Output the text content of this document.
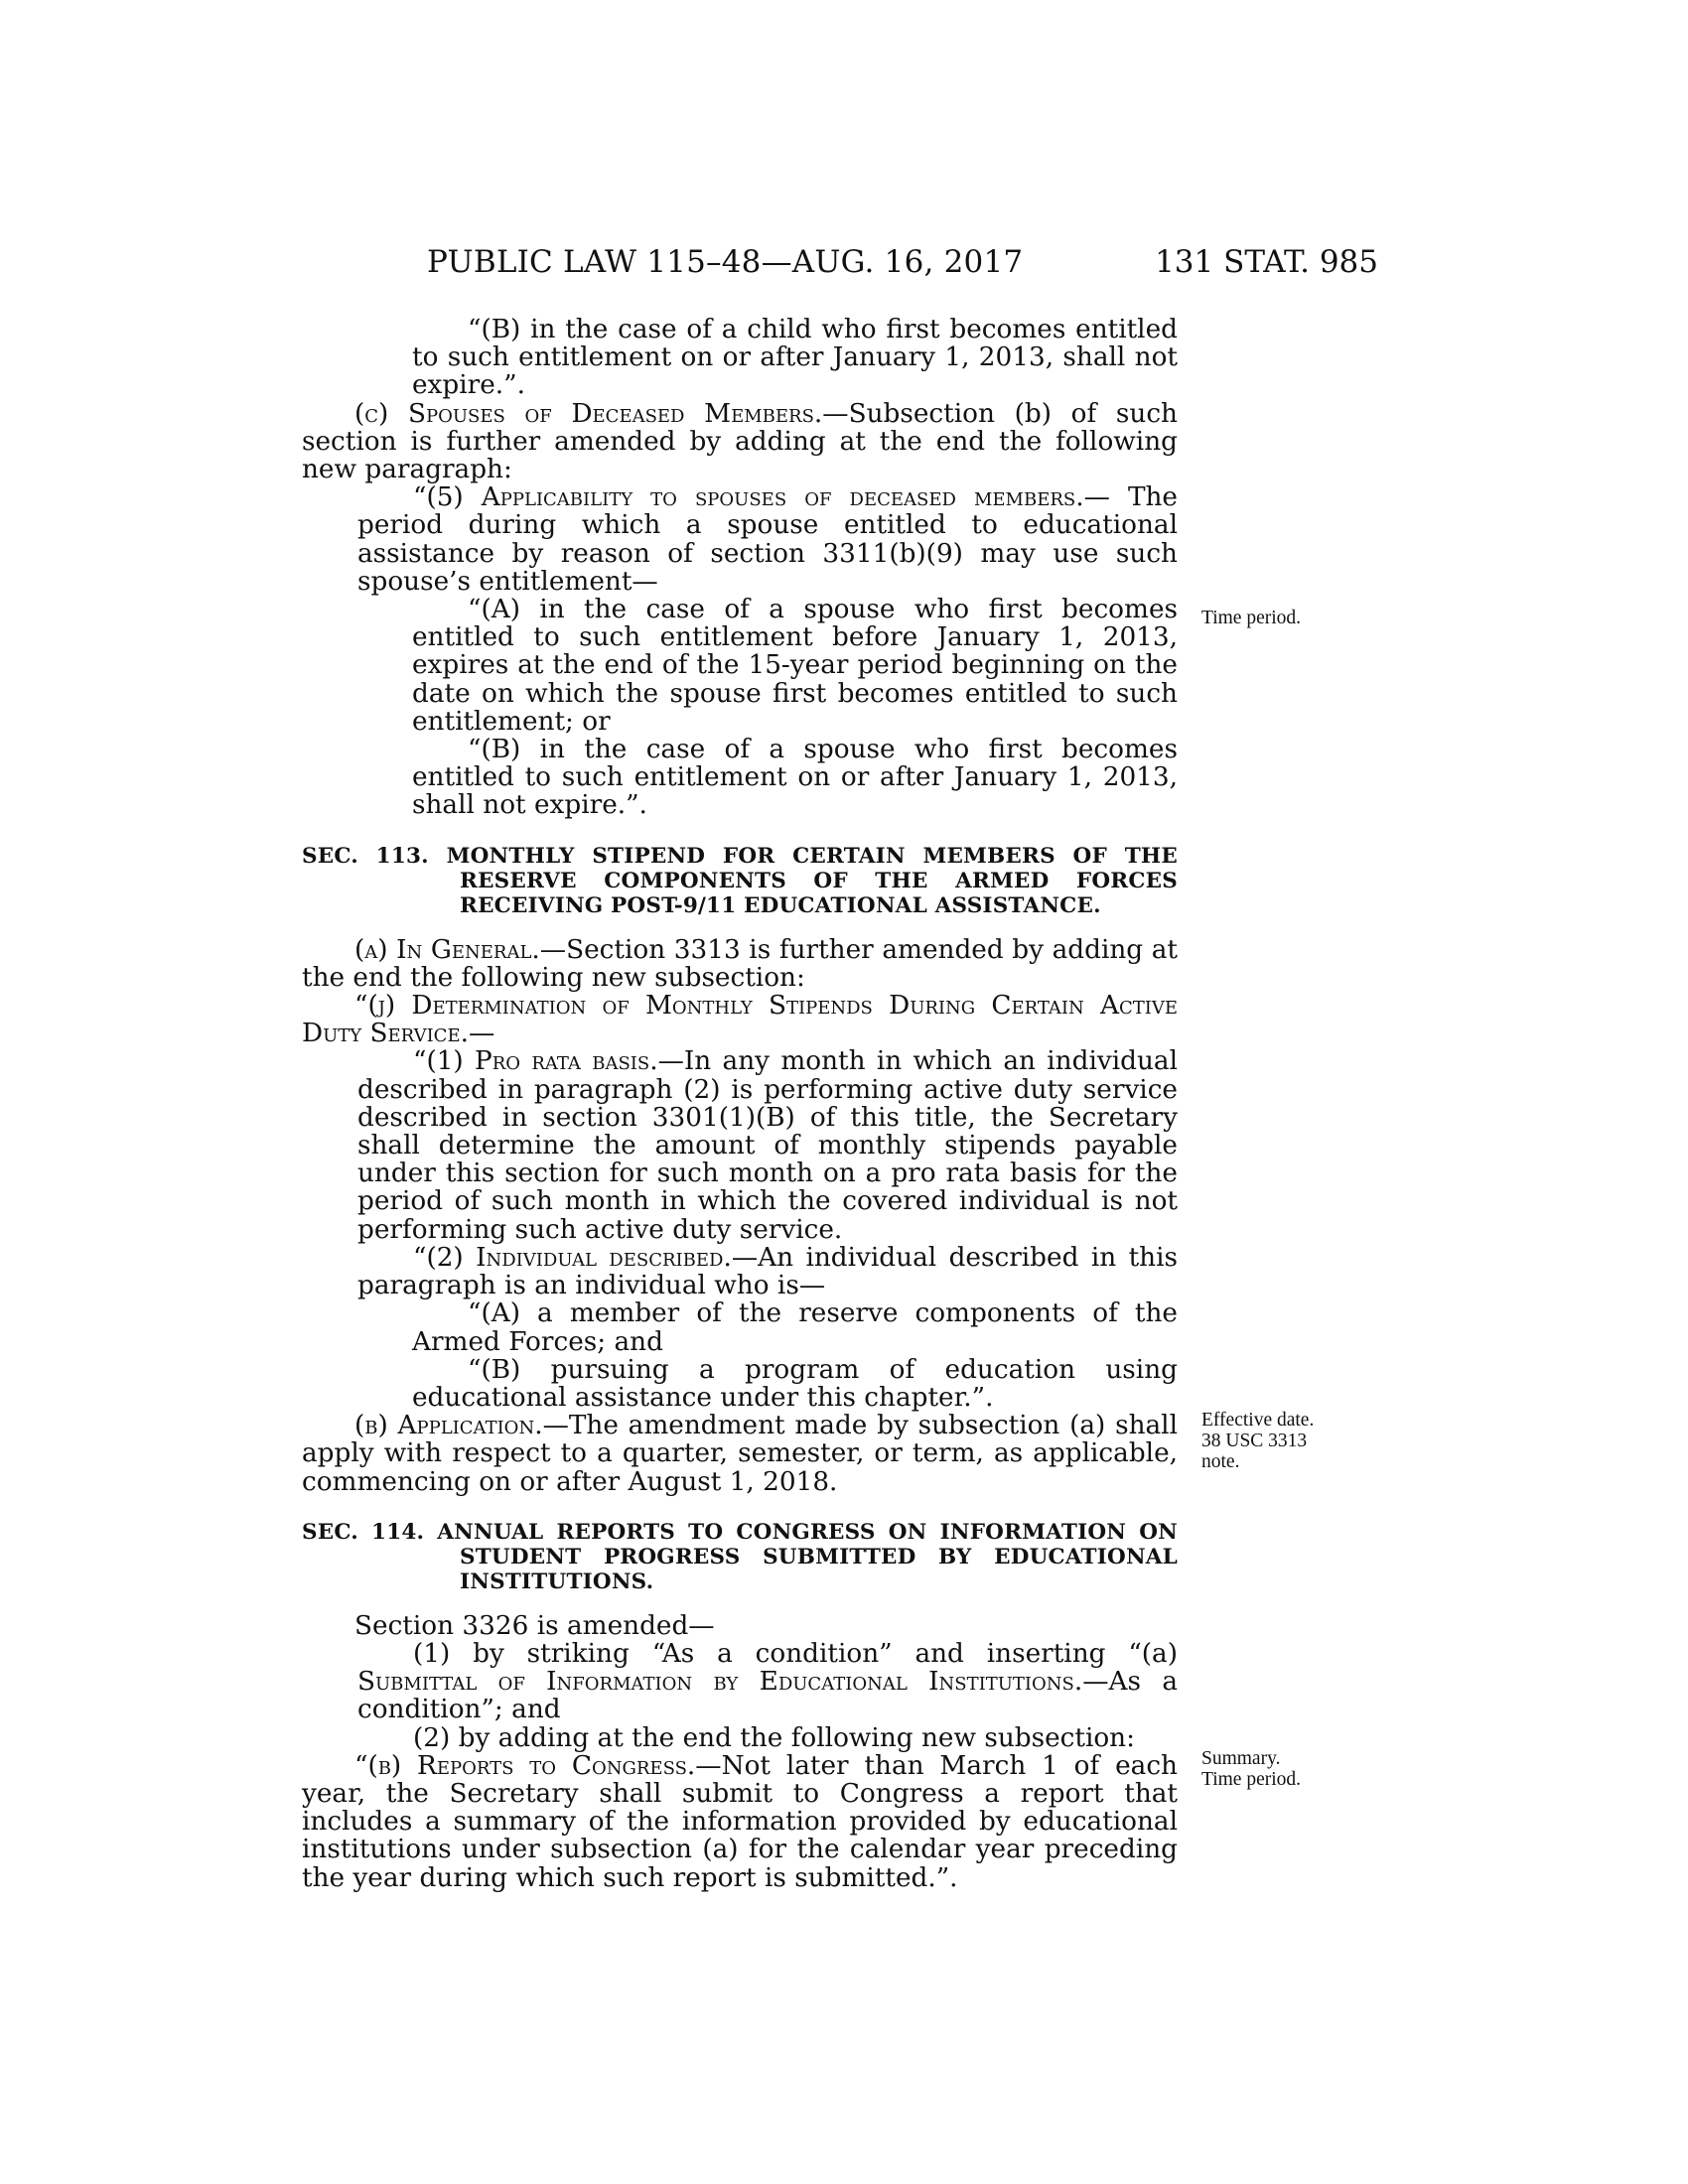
PUBLIC LAW 115–48—AUG. 16, 2017	131 STAT. 985

“(B) in the case of a child who first becomes entitled to such entitlement on or after January 1, 2013, shall not expire.”.

(c) Spouses of Deceased Members.—Subsection (b) of such section is further amended by adding at the end the following new paragraph:

“(5) Applicability to spouses of deceased members.— The period during which a spouse entitled to educational assistance by reason of section 3311(b)(9) may use such spouse’s entitlement—

“(A) in the case of a spouse who first becomes entitled to such entitlement before January 1, 2013, expires at the end of the 15-year period beginning on the date on which the spouse first becomes entitled to such entitlement; or

“(B) in the case of a spouse who first becomes entitled to such entitlement on or after January 1, 2013, shall not expire.”.

SEC. 113. MONTHLY STIPEND FOR CERTAIN MEMBERS OF THE RESERVE COMPONENTS OF THE ARMED FORCES RECEIVING POST-9/11 EDUCATIONAL ASSISTANCE.

(a) In General.—Section 3313 is further amended by adding at the end the following new subsection:

“(j) Determination of Monthly Stipends During Certain Active Duty Service.—

“(1) Pro rata basis.—In any month in which an individual described in paragraph (2) is performing active duty service described in section 3301(1)(B) of this title, the Secretary shall determine the amount of monthly stipends payable under this section for such month on a pro rata basis for the period of such month in which the covered individual is not performing such active duty service.

“(2) Individual described.—An individual described in this paragraph is an individual who is—

“(A) a member of the reserve components of the Armed Forces; and

“(B) pursuing a program of education using educational assistance under this chapter.”.

(b) Application.—The amendment made by subsection (a) shall apply with respect to a quarter, semester, or term, as applicable, commencing on or after August 1, 2018.

SEC. 114. ANNUAL REPORTS TO CONGRESS ON INFORMATION ON STUDENT PROGRESS SUBMITTED BY EDUCATIONAL INSTITUTIONS.

Section 3326 is amended—

(1) by striking “As a condition” and inserting “(a) Submittal of Information by Educational Institutions.—As a condition”; and

(2) by adding at the end the following new subsection:

“(b) Reports to Congress.—Not later than March 1 of each year, the Secretary shall submit to Congress a report that includes a summary of the information provided by educational institutions under subsection (a) for the calendar year preceding the year during which such report is submitted.”.

Time period.
Effective date.
38 USC 3313
note.
Summary.
Time period.
